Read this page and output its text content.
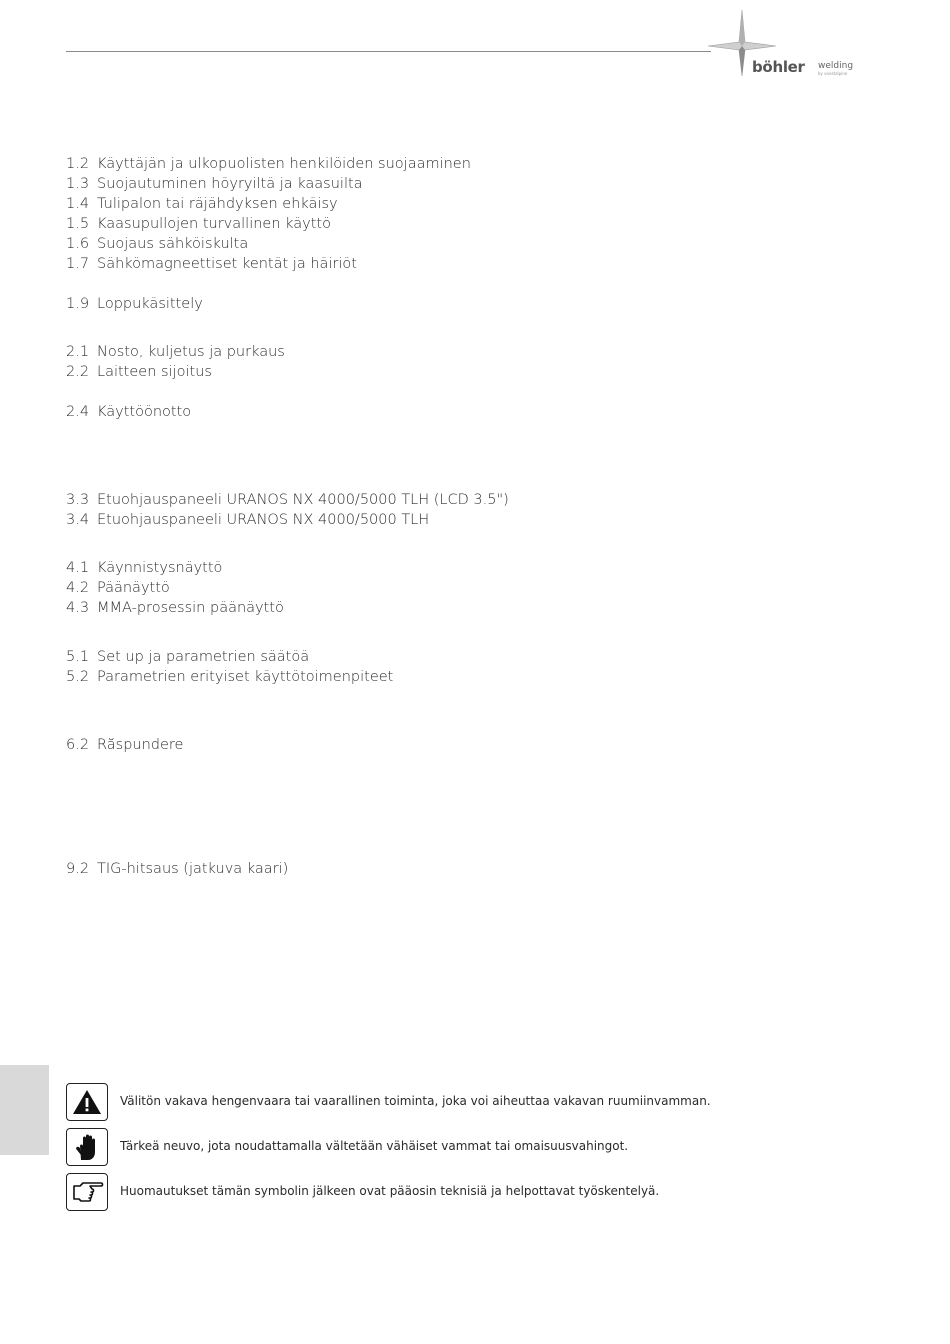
böhler welding
by voestalpine
1.2 Käyttäjän ja ulkopuolisten henkilöiden suojaaminen
1.3 Suojautuminen höyryiltä ja kaasuilta
1.4 Tulipalon tai räjähdyksen ehkäisy
1.5 Kaasupullojen turvallinen käyttö
1.6 Suojaus sähköiskulta
1.7 Sähkömagneettiset kentät ja häiriöt
1.9 Loppukäsittely
2.1 Nosto, kuljetus ja purkaus
2.2 Laitteen sijoitus
2.4 Käyttöönotto
3.3 Etuohjauspaneeli URANOS NX 4000/5000 TLH (LCD 3.5")
3.4 Etuohjauspaneeli URANOS NX 4000/5000 TLH
4.1 Käynnistysnäyttö
4.2 Päänäyttö
4.3 MMA-prosessin päänäyttö
5.1 Set up ja parametrien säätöä
5.2 Parametrien erityiset käyttötoimenpiteet
6.2 Răspundere
9.2 TIG-hitsaus (jatkuva kaari)
Välitön vakava hengenvaara tai vaarallinen toiminta, joka voi aiheuttaa vakavan ruumiinvamman.
Tärkeä neuvo, jota noudattamalla vältetään vähäiset vammat tai omaisuusvahingot.
Huomautukset tämän symbolin jälkeen ovat pääosin teknisiä ja helpottavat työskentelyä.
